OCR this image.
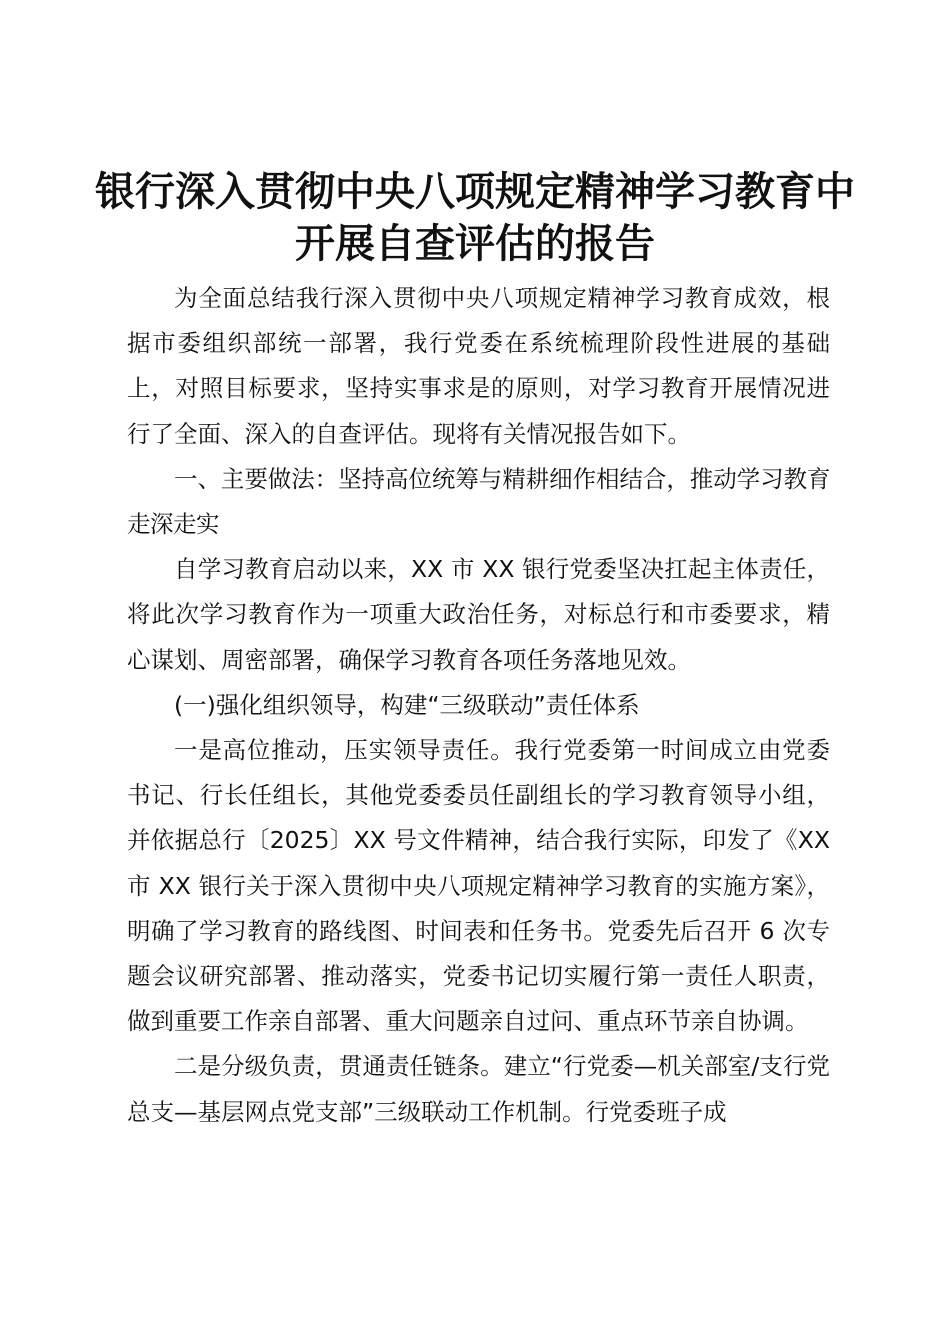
银行深入贯彻中央八项规定精神学习教育中开展自查评估的报告

为全面总结我行深入贯彻中央八项规定精神学习教育成效，根据市委组织部统一部署，我行党委在系统梳理阶段性进展的基础上，对照目标要求，坚持实事求是的原则，对学习教育开展情况进行了全面、深入的自查评估。现将有关情况报告如下。

一、主要做法：坚持高位统筹与精耕细作相结合，推动学习教育走深走实

自学习教育启动以来，XX 市 XX 银行党委坚决扛起主体责任，将此次学习教育作为一项重大政治任务，对标总行和市委要求，精心谋划、周密部署，确保学习教育各项任务落地见效。

(一)强化组织领导，构建“三级联动”责任体系

一是高位推动，压实领导责任。我行党委第一时间成立由党委书记、行长任组长，其他党委委员任副组长的学习教育领导小组，并依据总行〔2025〕XX 号文件精神，结合我行实际，印发了《XX 市 XX 银行关于深入贯彻中央八项规定精神学习教育的实施方案》，明确了学习教育的路线图、时间表和任务书。党委先后召开 6 次专题会议研究部署、推动落实，党委书记切实履行第一责任人职责，做到重要工作亲自部署、重大问题亲自过问、重点环节亲自协调。

二是分级负责，贯通责任链条。建立“行党委—机关部室/支行党总支—基层网点党支部”三级联动工作机制。行党委班子成
